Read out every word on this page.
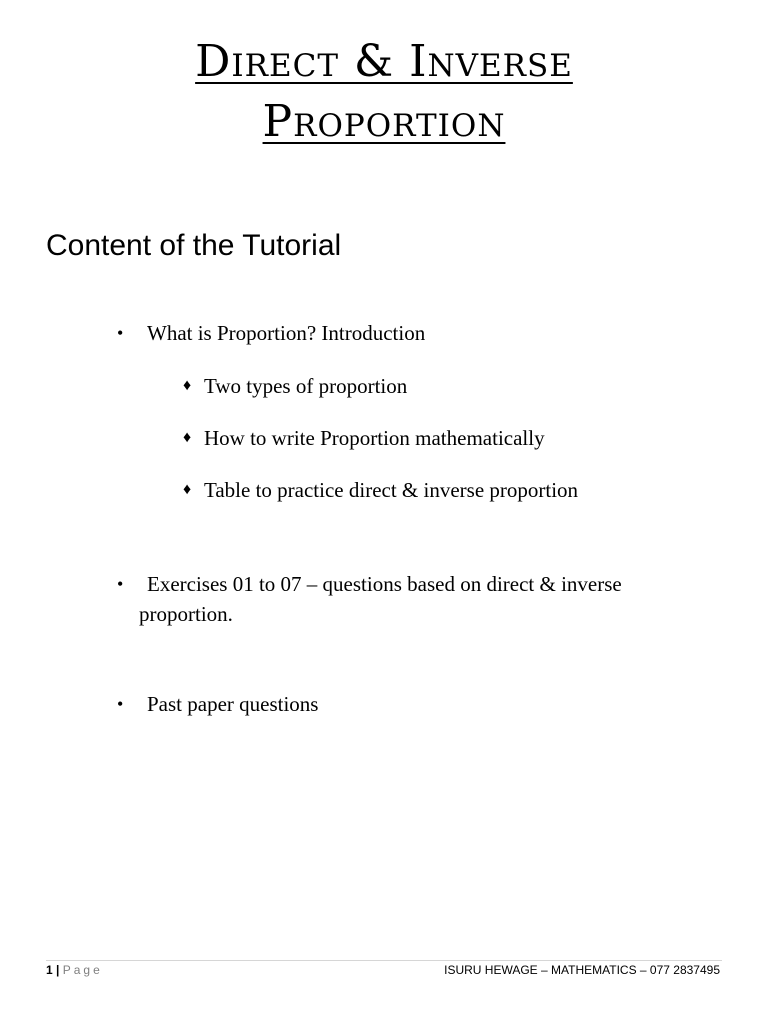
Direct & Inverse
Proportion
Content of the Tutorial
• What is Proportion? Introduction
♦ Two types of proportion
♦ How to write Proportion mathematically
♦ Table to practice direct & inverse proportion
• Exercises 01 to 07 – questions based on direct & inverse
proportion.
• Past paper questions
1 | Page	ISURU HEWAGE – MATHEMATICS – 077 2837495
